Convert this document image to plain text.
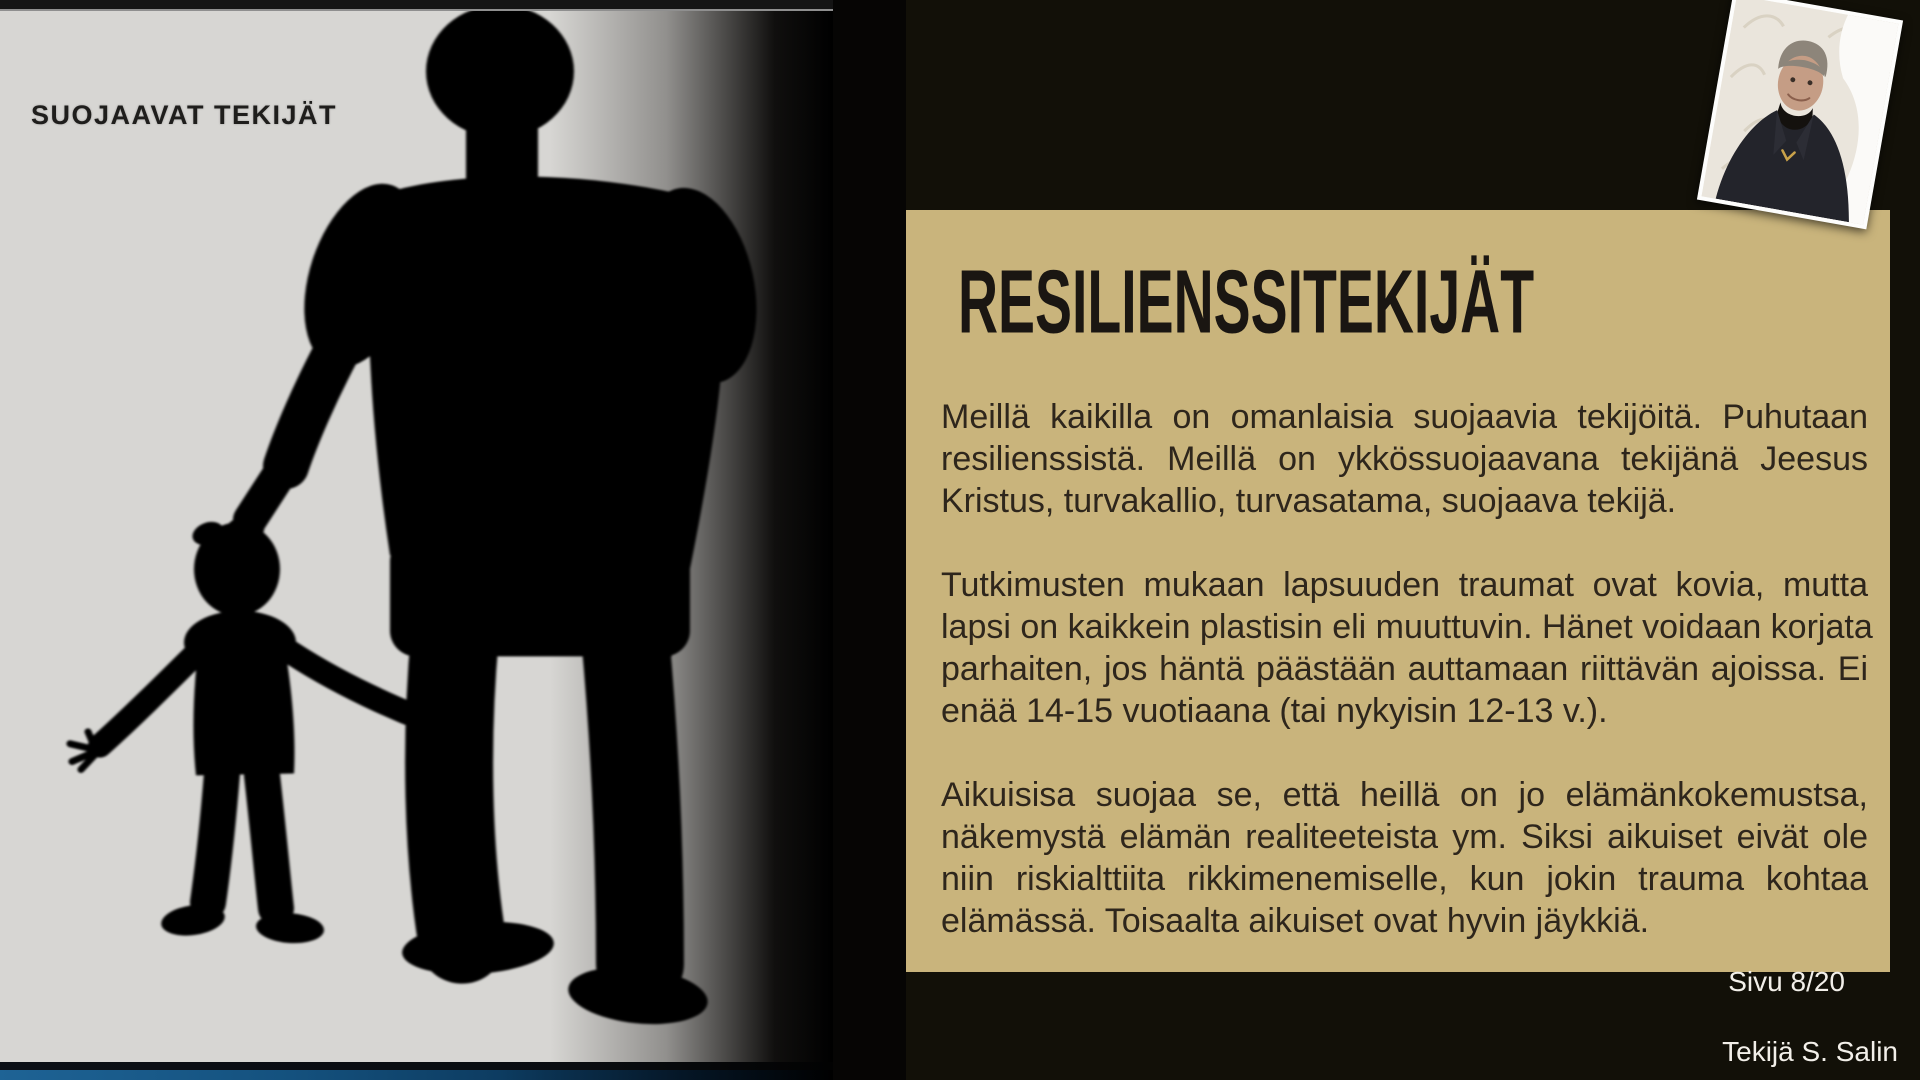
SUOJAAVAT TEKIJÄT
RESILIENSSITEKIJÄT
Meillä kaikilla on omanlaisia suojaavia tekijöitä. Puhutaan
resilienssistä. Meillä on ykkössuojaavana tekijänä Jeesus
Kristus, turvakallio, turvasatama, suojaava tekijä.
Tutkimusten mukaan lapsuuden traumat ovat kovia, mutta
lapsi on kaikkein plastisin eli muuttuvin. Hänet voidaan korjata
parhaiten, jos häntä päästään auttamaan riittävän ajoissa. Ei
enää 14-15 vuotiaana (tai nykyisin 12-13 v.).
Aikuisisa suojaa se, että heillä on jo elämänkokemustsa,
näkemystä elämän realiteeteista ym. Siksi aikuiset eivät ole
niin riskialttiita rikkimenemiselle, kun jokin trauma kohtaa
elämässä. Toisaalta aikuiset ovat hyvin jäykkiä.
Sivu 8/20
Tekijä S. Salin
